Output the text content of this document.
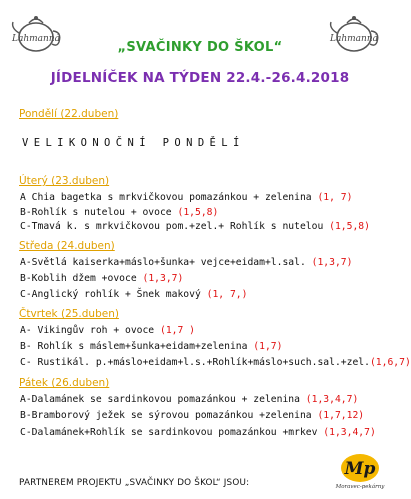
Lahmanná	Lahmanná
„SVAČINKY DO ŠKOL“
JÍDELNÍČEK NA TÝDEN 22.4.-26.4.2018
Pondělí (22.duben)
VELIKONOČNÍ PONDĚLÍ
Úterý (23.duben)
A Chia bagetka s mrkvičkovou pomazánkou + zelenina (1, 7)
B-Rohlík s nutelou + ovoce (1,5,8)
C-Tmavá k. s mrkvičkovou pom.+zel.+ Rohlík s nutelou (1,5,8)
Středa (24.duben)
A-Světlá kaiserka+máslo+šunka+ vejce+eidam+l.sal. (1,3,7)
B-Koblih džem +ovoce (1,3,7)
C-Anglický rohlík + Šnek makový (1, 7,)
Čtvrtek (25.duben)
A- Vikingův roh + ovoce (1,7 )
B- Rohlík s máslem+šunka+eidam+zelenina (1,7)
C- Rustikál. p.+máslo+eidam+l.s.+Rohlík+máslo+such.sal.+zel.(1,6,7)
Pátek (26.duben)
A-Dalamánek se sardinkovou pomazánkou + zelenina (1,3,4,7)
B-Bramborový ježek se sýrovou pomazánkou +zelenina (1,7,12)
C-Dalamánek+Rohlík se sardinkovou pomazánkou +mrkev (1,3,4,7)
PARTNEREM PROJEKTU „SVAČINKY DO ŠKOL“ JSOU:
Mp
Moravec-pekárny
